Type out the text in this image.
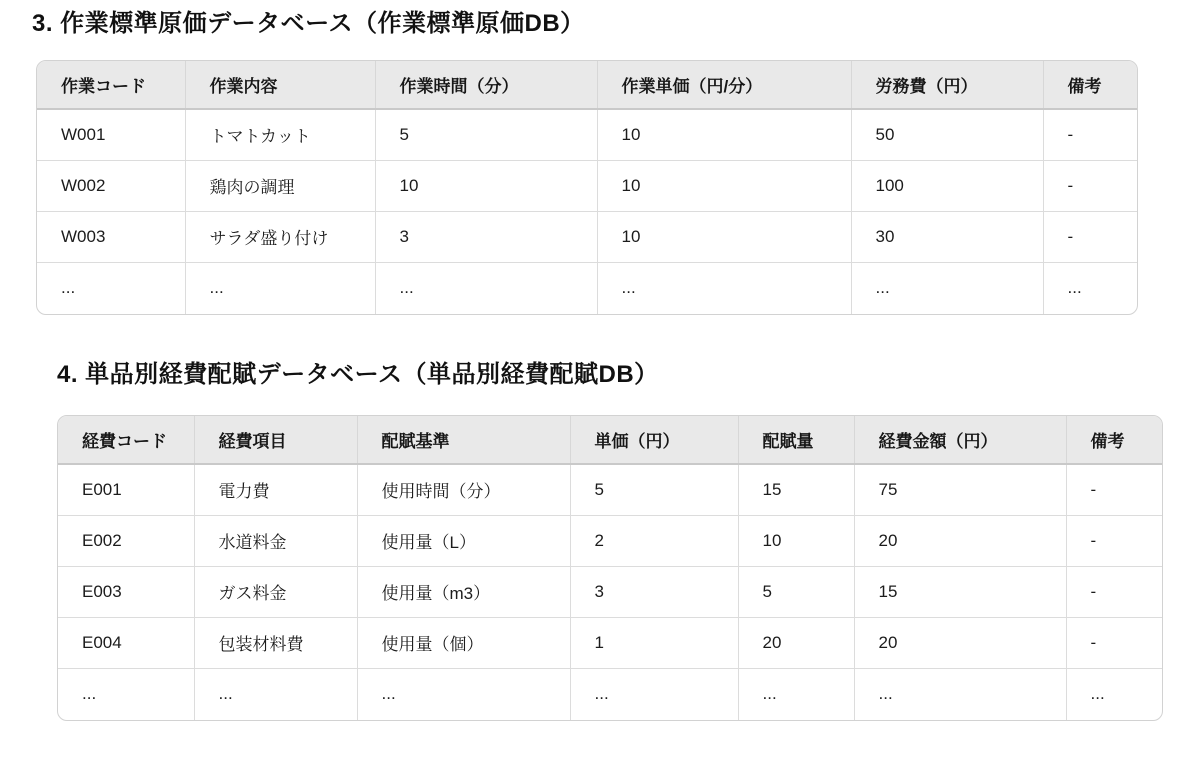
3. 作業標準原価データベース（作業標準原価DB）
作業コード	作業内容	作業時間（分）	作業単価（円/分）	労務費（円）	備考
W001	トマトカット	5	10	50	-
W002	鶏肉の調理	10	10	100	-
W003	サラダ盛り付け	3	10	30	-
...	...	...	...	...	...
4. 単品別経費配賦データベース（単品別経費配賦DB）
経費コード	経費項目	配賦基準	単価（円）	配賦量	経費金額（円）	備考
E001	電力費	使用時間（分）	5	15	75	-
E002	水道料金	使用量（L）	2	10	20	-
E003	ガス料金	使用量（m3）	3	5	15	-
E004	包装材料費	使用量（個）	1	20	20	-
...	...	...	...	...	...	...
